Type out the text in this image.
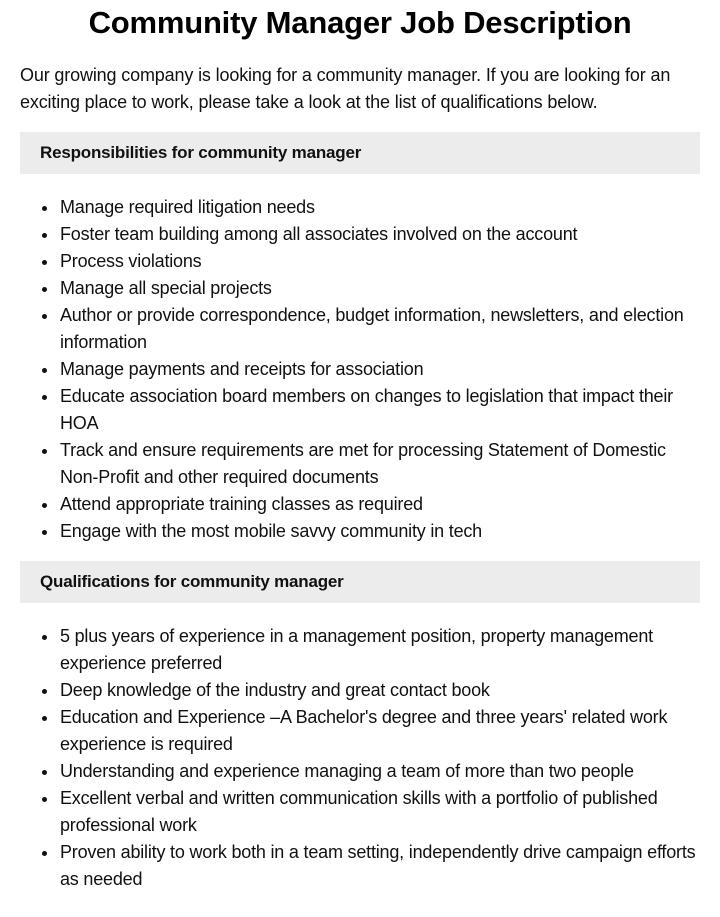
Community Manager Job Description

Our growing company is looking for a community manager. If you are looking for an exciting place to work, please take a look at the list of qualifications below.

Responsibilities for community manager
Manage required litigation needs
Foster team building among all associates involved on the account
Process violations
Manage all special projects
Author or provide correspondence, budget information, newsletters, and election information
Manage payments and receipts for association
Educate association board members on changes to legislation that impact their HOA
Track and ensure requirements are met for processing Statement of Domestic Non-Profit and other required documents
Attend appropriate training classes as required
Engage with the most mobile savvy community in tech
Qualifications for community manager
5 plus years of experience in a management position, property management experience preferred
Deep knowledge of the industry and great contact book
Education and Experience –A Bachelor's degree and three years' related work experience is required
Understanding and experience managing a team of more than two people
Excellent verbal and written communication skills with a portfolio of published professional work
Proven ability to work both in a team setting, independently drive campaign efforts as needed
